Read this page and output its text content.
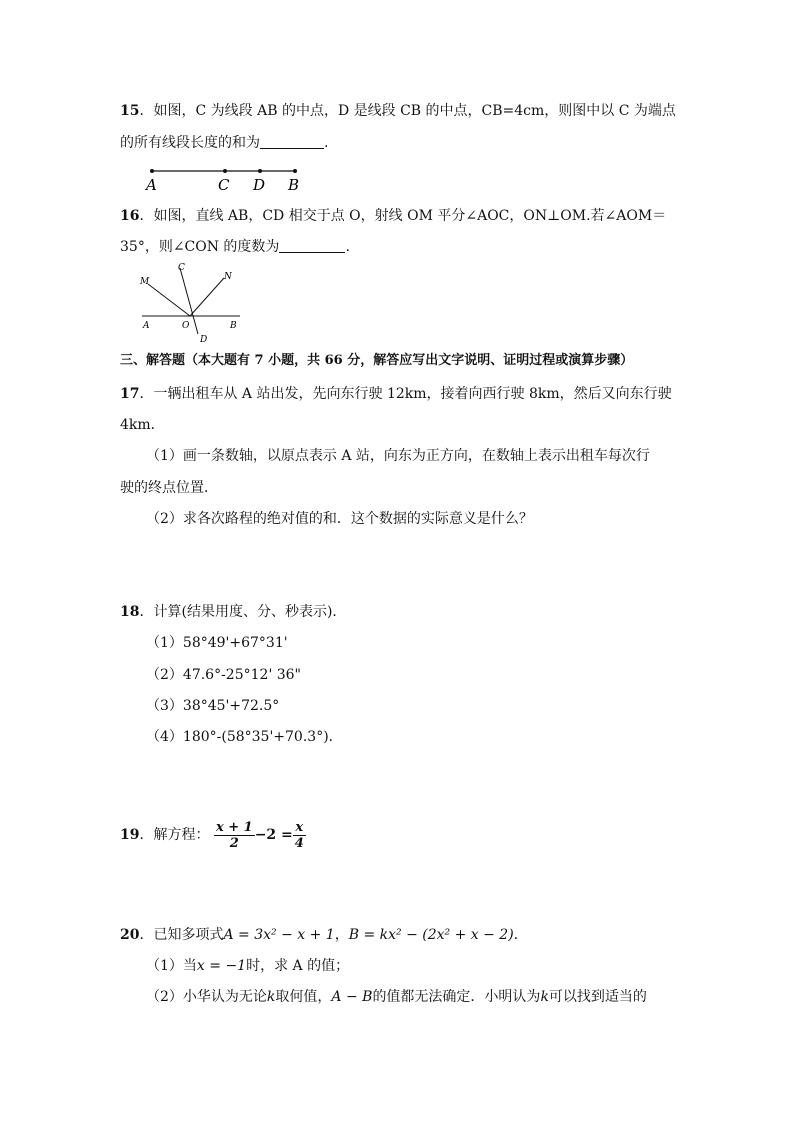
15．如图，C 为线段 AB 的中点，D 是线段 CB 的中点，CB=4cm，则图中以 C 为端点
的所有线段长度的和为	.
A	C D B
16．如图，直线 AB，CD 相交于点 O，射线 OM 平分∠AOC，ON⊥OM.若∠AOM＝
35°，则∠CON 的度数为	.
M
C
N
A	O	B
D
三、解答题（本大题有 7 小题，共 66 分，解答应写出文字说明、证明过程或演算步骤）
17．一辆出租车从 A 站出发，先向东行驶 12km，接着向西行驶 8km，然后又向东行驶
4km．
（1）画一条数轴，以原点表示 A 站，向东为正方向，在数轴上表示出租车每次行
驶的终点位置．
（2）求各次路程的绝对值的和．这个数据的实际意义是什么？
18．计算(结果用度、分、秒表示)．
（1）58°49'+67°31'
（2）47.6°-25°12' 36"
（3）38°45'+72.5°
（4）180°-(58°35'+70.3°)．
19．解方程： $\frac{x + 1}{2} -2 = \frac{x}{4}$
20．已知多项式A = 3x² − x + 1，B = kx² − (2x² + x − 2)．
（1）当x = −1时，求 A 的值；
（2）小华认为无论k取何值，A − B的值都无法确定．小明认为k可以找到适当的
